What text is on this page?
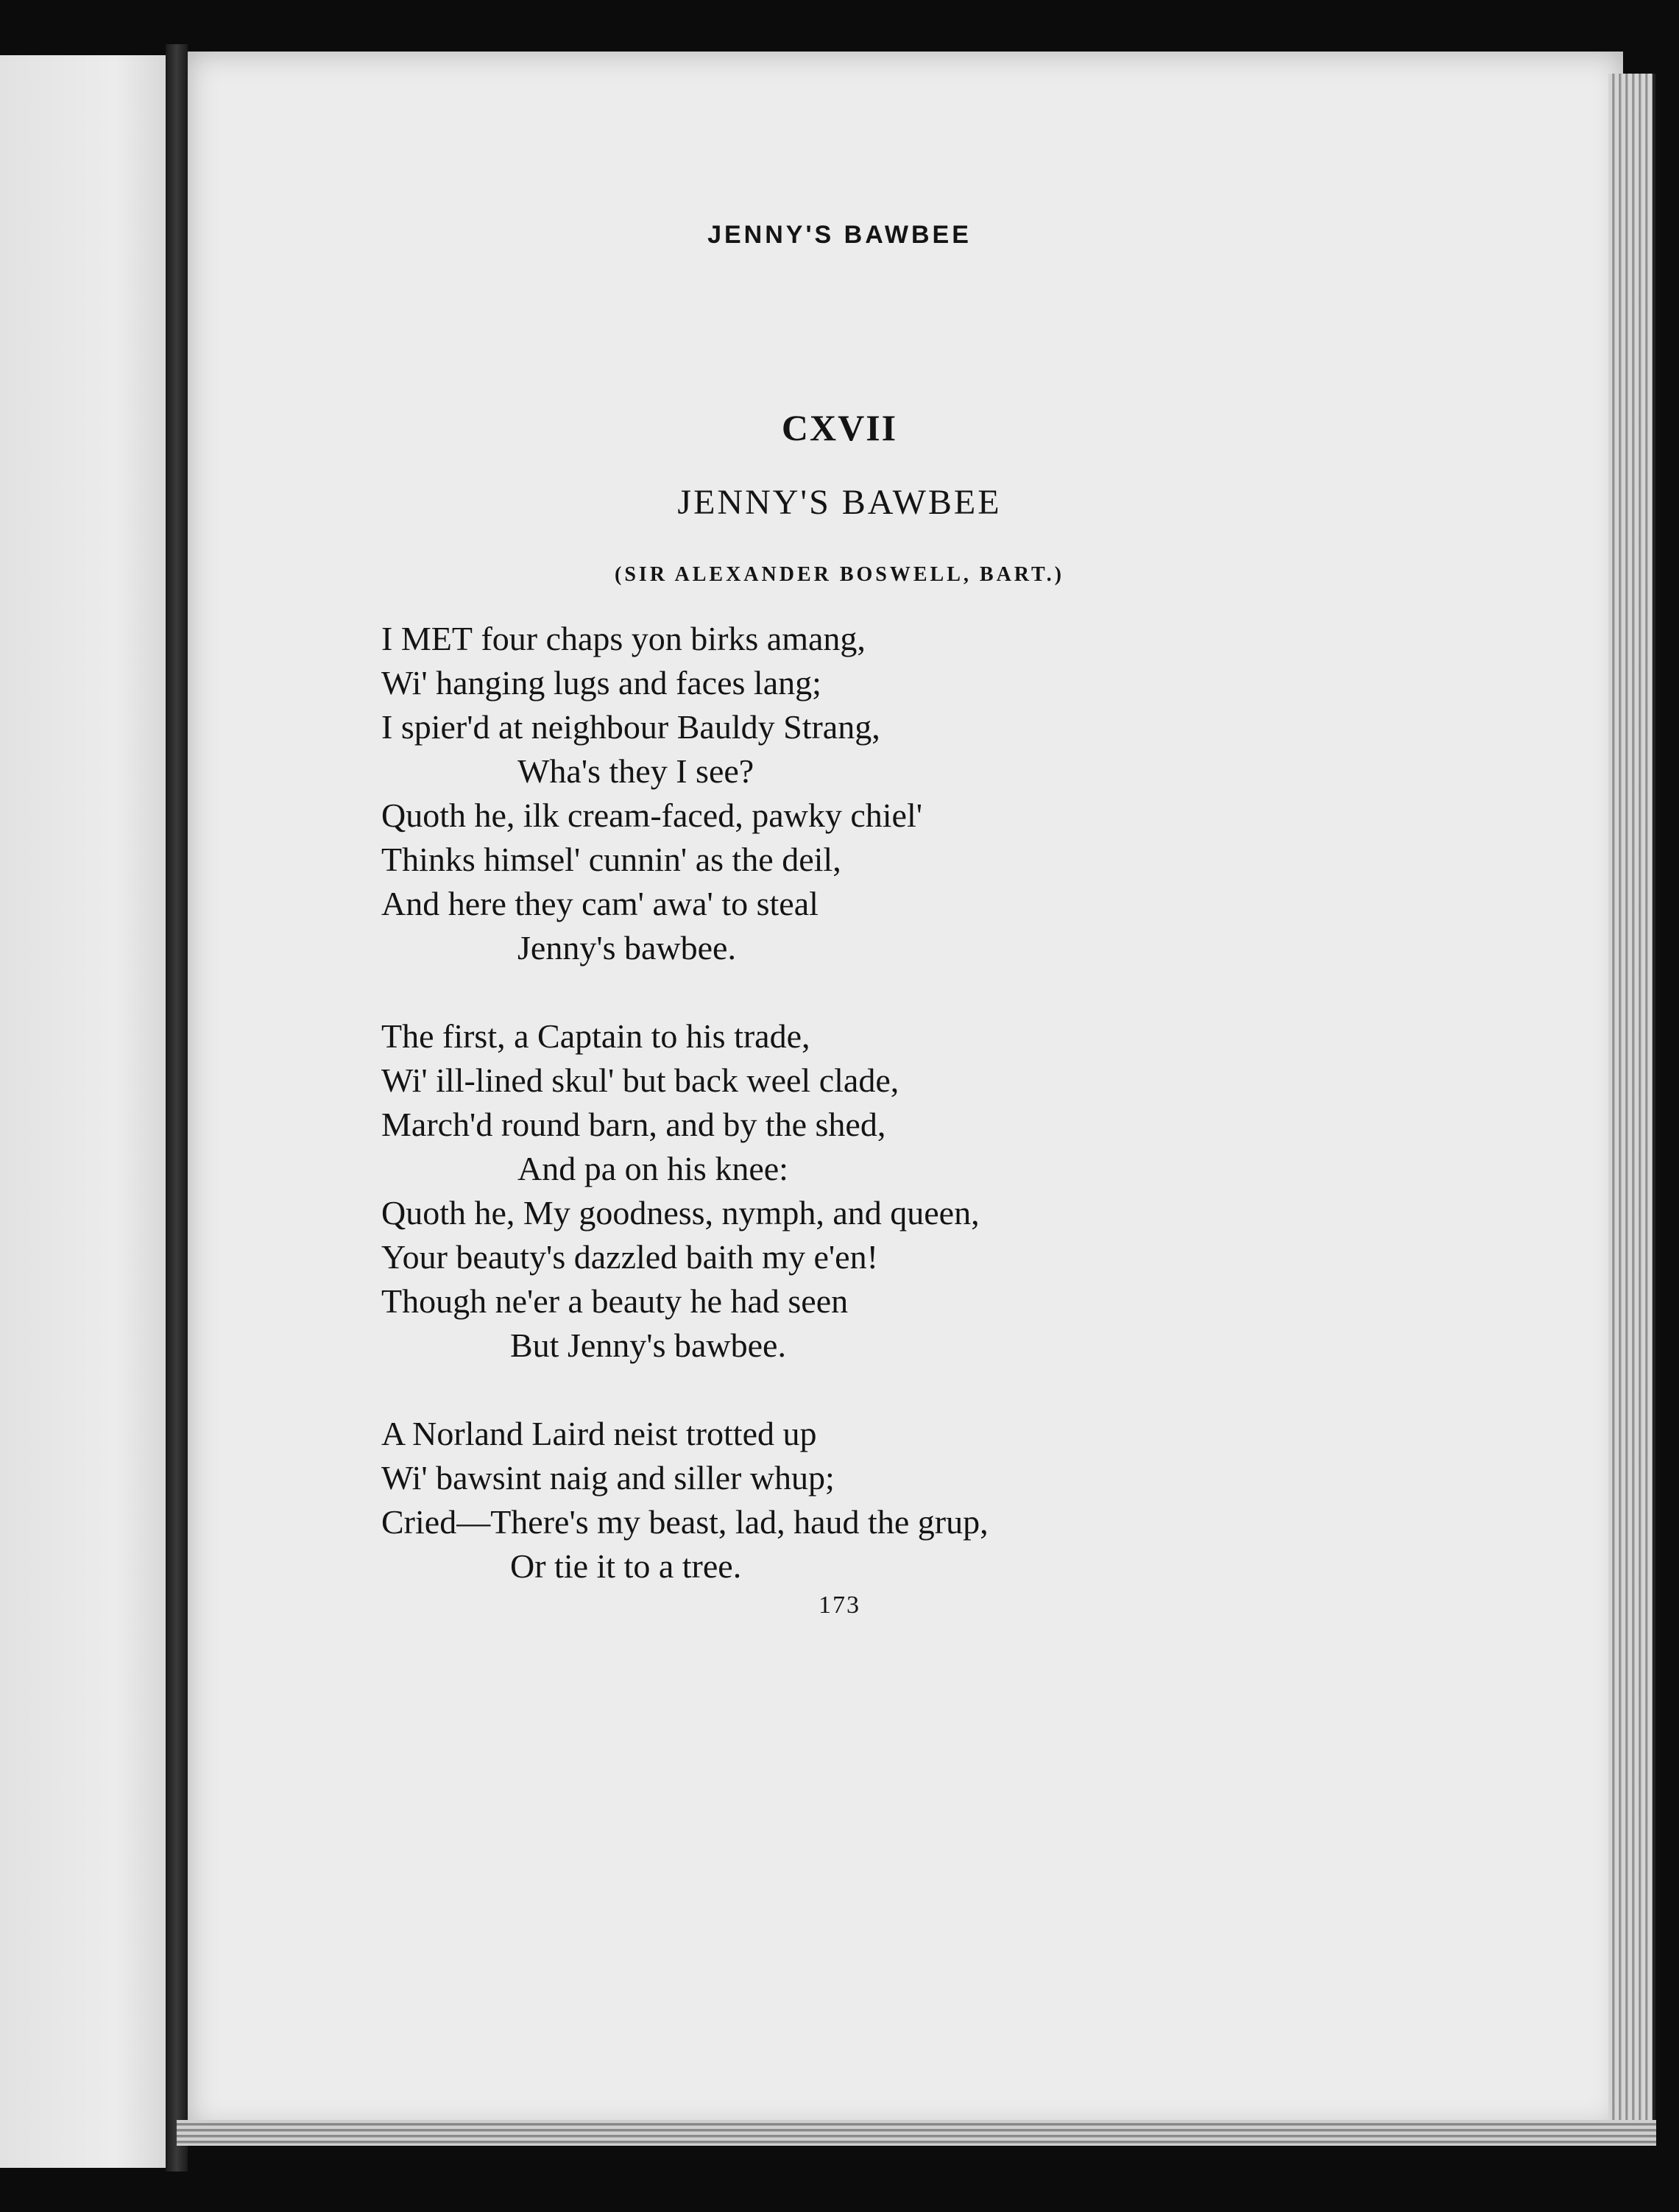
JENNY'S BAWBEE
CXVII
JENNY'S BAWBEE
(SIR ALEXANDER BOSWELL, BART.)
I MET four chaps yon birks amang,
Wi' hanging lugs and faces lang;
I spier'd at neighbour Bauldy Strang,
Wha's they I see?
Quoth he, ilk cream-faced, pawky chiel'
Thinks himsel' cunnin' as the deil,
And here they cam' awa' to steal
Jenny's bawbee.
The first, a Captain to his trade,
Wi' ill-lined skul' but back weel clade,
March'd round barn, and by the shed,
And pa on his knee:
Quoth he, My goodness, nymph, and queen,
Your beauty's dazzled baith my e'en!
Though ne'er a beauty he had seen
But Jenny's bawbee.
A Norland Laird neist trotted up
Wi' bawsint naig and siller whup;
Cried—There's my beast, lad, haud the grup,
Or tie it to a tree.
173
